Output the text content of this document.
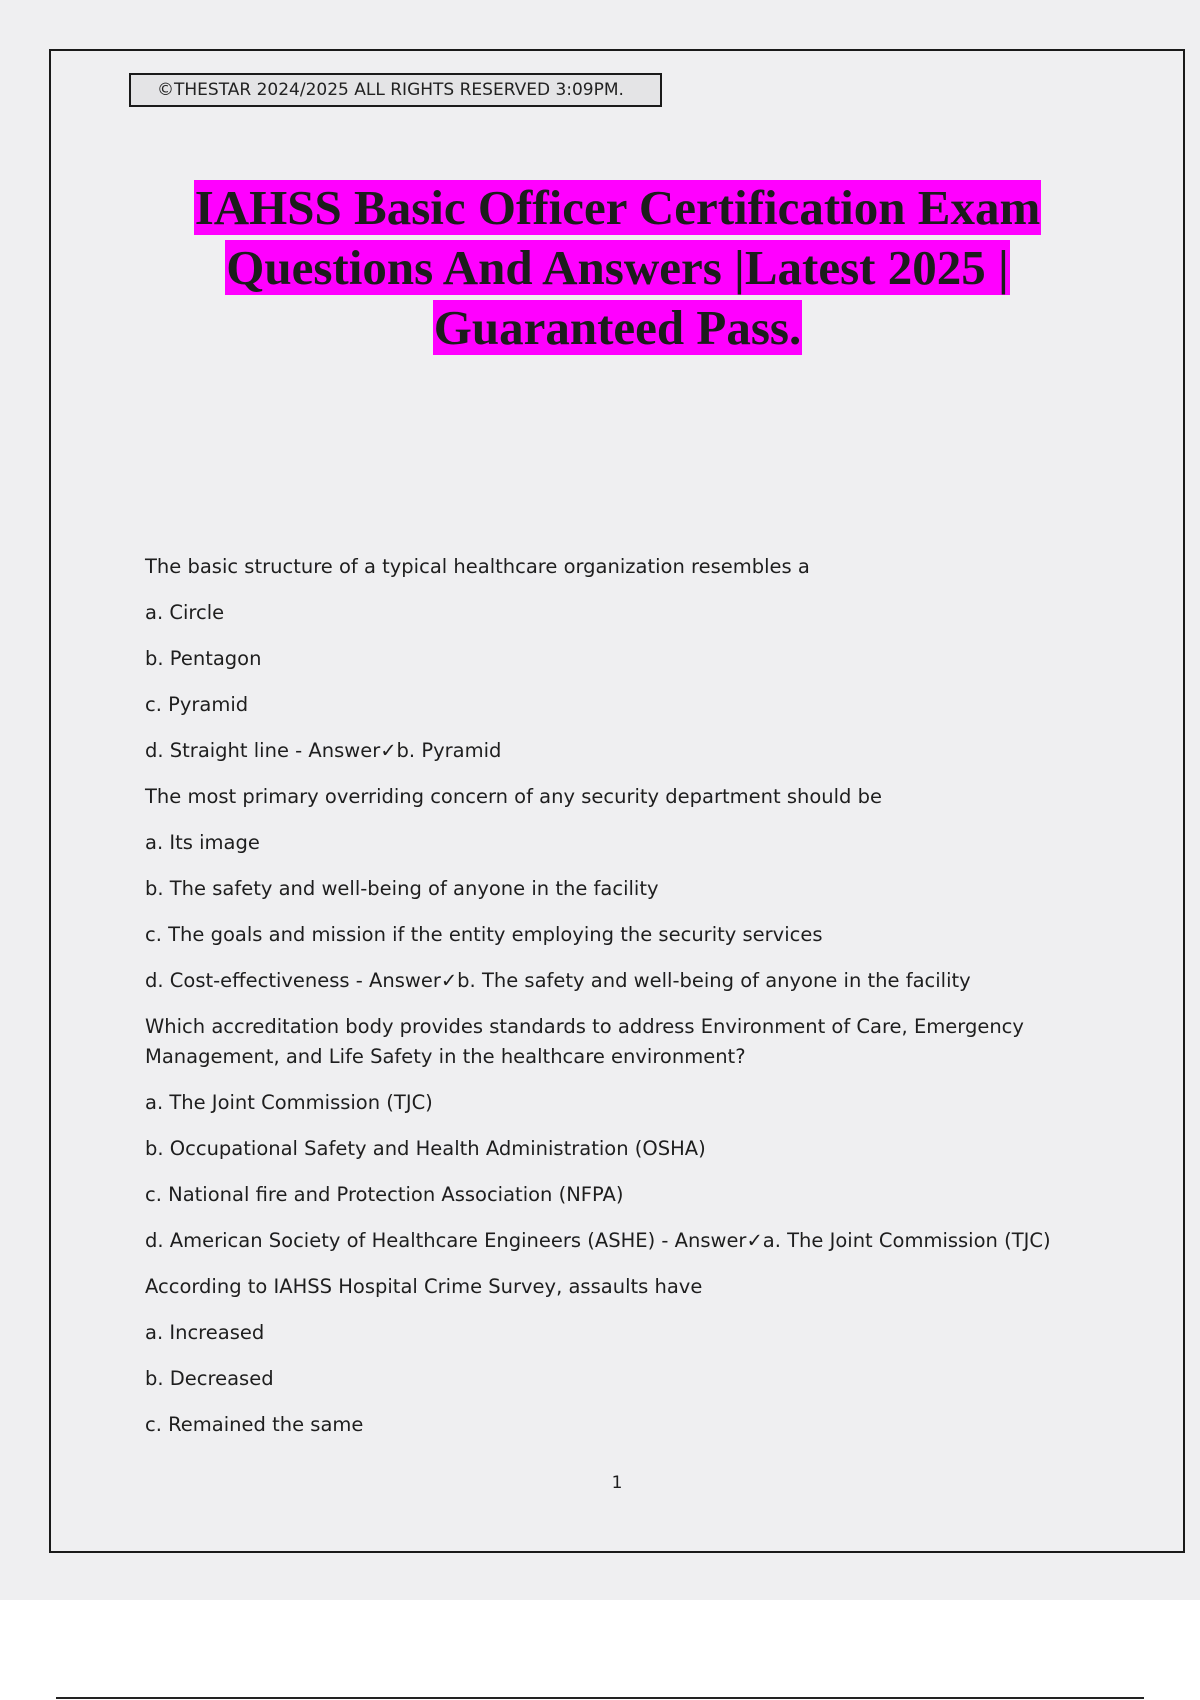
©THESTAR 2024/2025 ALL RIGHTS RESERVED 3:09PM.
IAHSS Basic Officer Certification Exam
Questions And Answers |Latest 2025 |
Guaranteed Pass.

The basic structure of a typical healthcare organization resembles a

a. Circle

b. Pentagon

c. Pyramid

d. Straight line - Answer✓b. Pyramid

The most primary overriding concern of any security department should be

a. Its image

b. The safety and well-being of anyone in the facility

c. The goals and mission if the entity employing the security services

d. Cost-effectiveness - Answer✓b. The safety and well-being of anyone in the facility

Which accreditation body provides standards to address Environment of Care, Emergency

Management, and Life Safety in the healthcare environment?

a. The Joint Commission (TJC)

b. Occupational Safety and Health Administration (OSHA)

c. National fire and Protection Association (NFPA)

d. American Society of Healthcare Engineers (ASHE) - Answer✓a. The Joint Commission (TJC)

According to IAHSS Hospital Crime Survey, assaults have

a. Increased

b. Decreased

c. Remained the same

1
